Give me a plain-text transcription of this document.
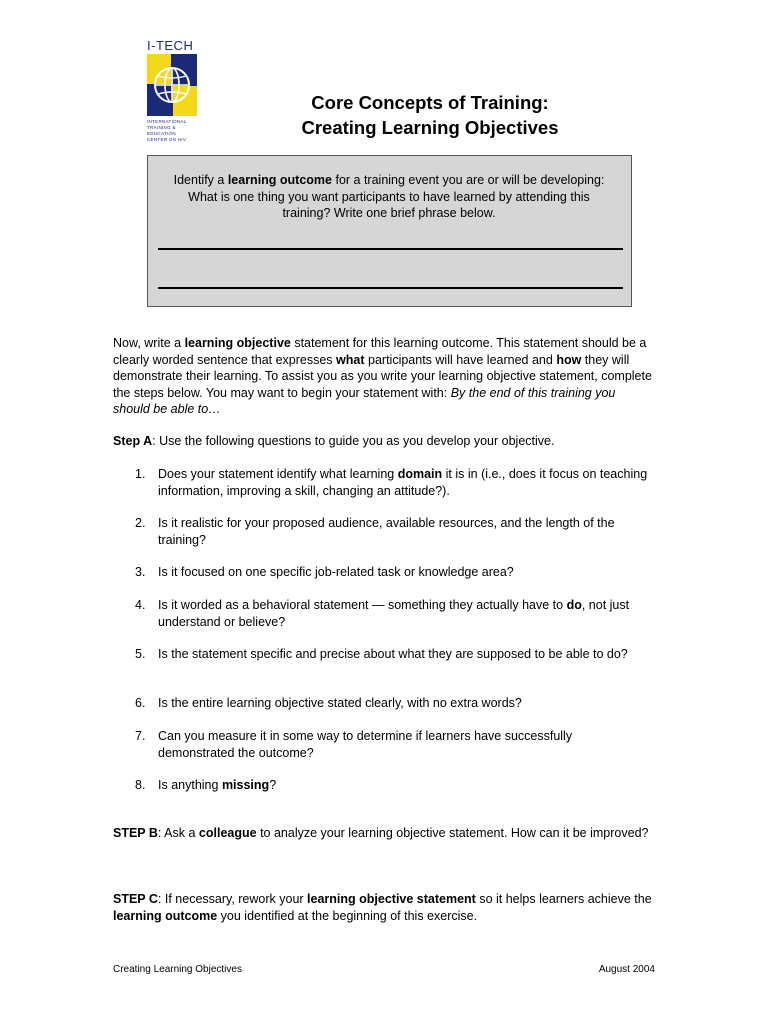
I-TECH
INTERNATIONAL
TRAINING &
EDUCATION
CENTER ON HIV
Core Concepts of Training:
Creating Learning Objectives
Identify a learning outcome for a training event you are or will be developing: What is one thing you want participants to have learned by attending this training? Write one brief phrase below.
Now, write a learning objective statement for this learning outcome. This statement should be a clearly worded sentence that expresses what participants will have learned and how they will demonstrate their learning. To assist you as you write your learning objective statement, complete the steps below. You may want to begin your statement with: By the end of this training you should be able to…
Step A: Use the following questions to guide you as you develop your objective.
1.	Does your statement identify what learning domain it is in (i.e., does it focus on teaching information, improving a skill, changing an attitude?).
2.	Is it realistic for your proposed audience, available resources, and the length of the training?
3.	Is it focused on one specific job-related task or knowledge area?
4.	Is it worded as a behavioral statement — something they actually have to do, not just understand or believe?
5.	Is the statement specific and precise about what they are supposed to be able to do?
6.	Is the entire learning objective stated clearly, with no extra words?
7.	Can you measure it in some way to determine if learners have successfully demonstrated the outcome?
8.	Is anything missing?
STEP B: Ask a colleague to analyze your learning objective statement. How can it be improved?
STEP C: If necessary, rework your learning objective statement so it helps learners achieve the learning outcome you identified at the beginning of this exercise.
Creating Learning Objectives	August 2004
